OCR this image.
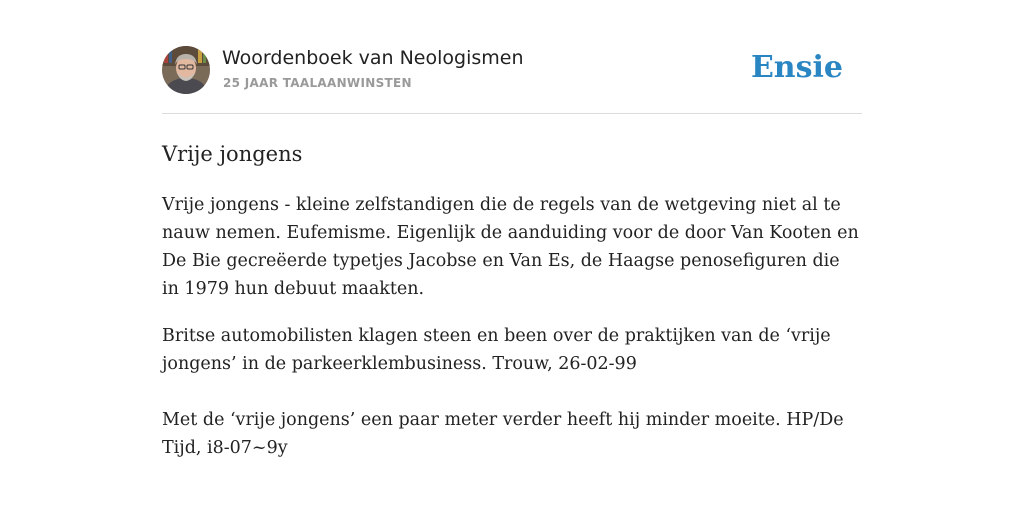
Woordenboek van Neologismen
25 JAAR TAALAANWINSTEN	Ensie
Vrije jongens

Vrije jongens - kleine zelfstandigen die de regels van de wetgeving niet al te nauw nemen. Eufemisme. Eigenlijk de aanduiding voor de door Van Kooten en De Bie gecreëerde typetjes Jacobse en Van Es, de Haagse penosefiguren die in 1979 hun debuut maakten.

Britse automobilisten klagen steen en been over de praktijken van de ‘vrije jongens’ in de parkeerklembusiness. Trouw, 26-02-99

Met de ‘vrije jongens’ een paar meter verder heeft hij minder moeite. HP/De Tijd, i8-07~9y
